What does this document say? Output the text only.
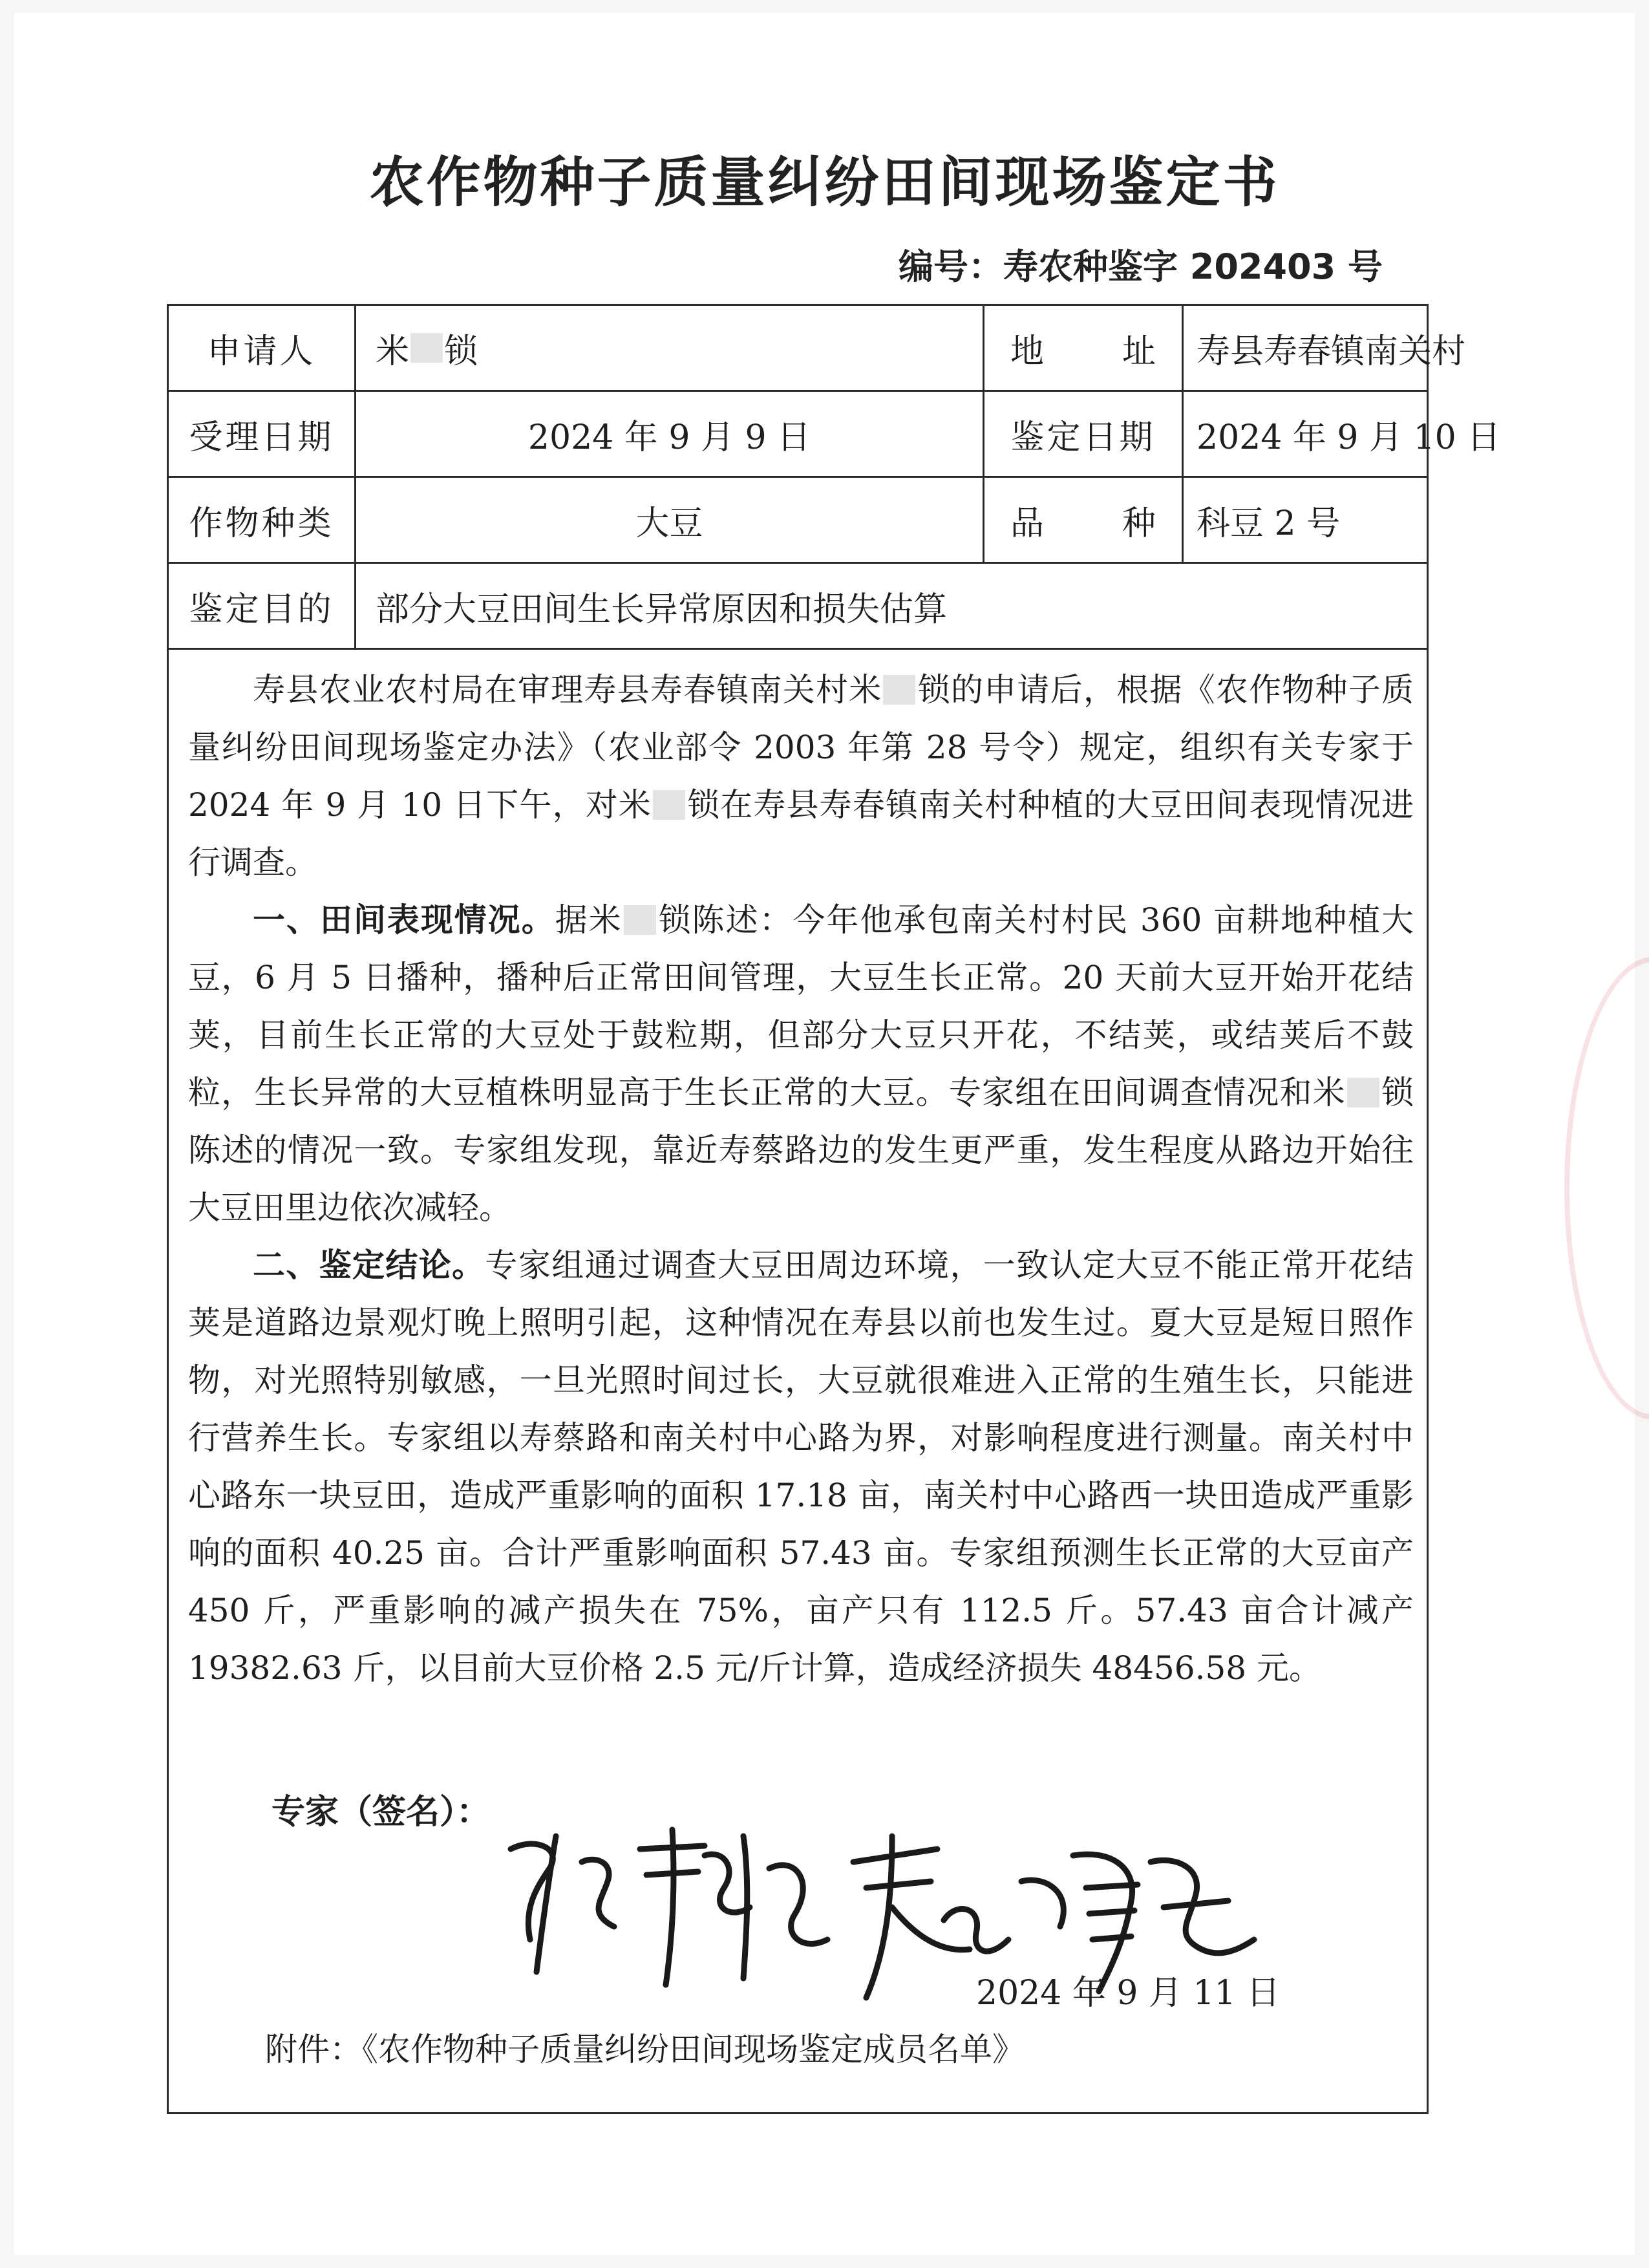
农作物种子质量纠纷田间现场鉴定书
编号：寿农种鉴字 202403 号
申请人	米 锁	地 址	寿县寿春镇南关村
受理日期	2024 年 9 月 9 日	鉴定日期	2024 年 9 月 10 日
作物种类	大豆	品 种	科豆 2 号
鉴定目的	部分大豆田间生长异常原因和损失估算

寿县农业农村局在审理寿县寿春镇南关村米 锁的申请后，根据《农作物种子质量纠纷田间现场鉴定办法》（农业部令 2003 年第 28 号令）规定，组织有关专家于 2024 年 9 月 10 日下午，对米 锁在寿县寿春镇南关村种植的大豆田间表现情况进行调查。

一、田间表现情况。据米 锁陈述：今年他承包南关村村民 360 亩耕地种植大豆，6 月 5 日播种，播种后正常田间管理，大豆生长正常。20 天前大豆开始开花结荚，目前生长正常的大豆处于鼓粒期，但部分大豆只开花，不结荚，或结荚后不鼓粒，生长异常的大豆植株明显高于生长正常的大豆。专家组在田间调查情况和米 锁陈述的情况一致。专家组发现，靠近寿蔡路边的发生更严重，发生程度从路边开始往大豆田里边依次减轻。

二、鉴定结论。专家组通过调查大豆田周边环境，一致认定大豆不能正常开花结荚是道路边景观灯晚上照明引起，这种情况在寿县以前也发生过。夏大豆是短日照作物，对光照特别敏感，一旦光照时间过长，大豆就很难进入正常的生殖生长，只能进行营养生长。专家组以寿蔡路和南关村中心路为界，对影响程度进行测量。南关村中心路东一块豆田，造成严重影响的面积 17.18 亩，南关村中心路西一块田造成严重影响的面积 40.25 亩。合计严重影响面积 57.43 亩。专家组预测生长正常的大豆亩产 450 斤，严重影响的减产损失在 75%，亩产只有 112.5 斤。57.43 亩合计减产 19382.63 斤，以目前大豆价格 2.5 元/斤计算，造成经济损失 48456.58 元。

专家（签名）：
2024 年 9 月 11 日
附件：《农作物种子质量纠纷田间现场鉴定成员名单》
